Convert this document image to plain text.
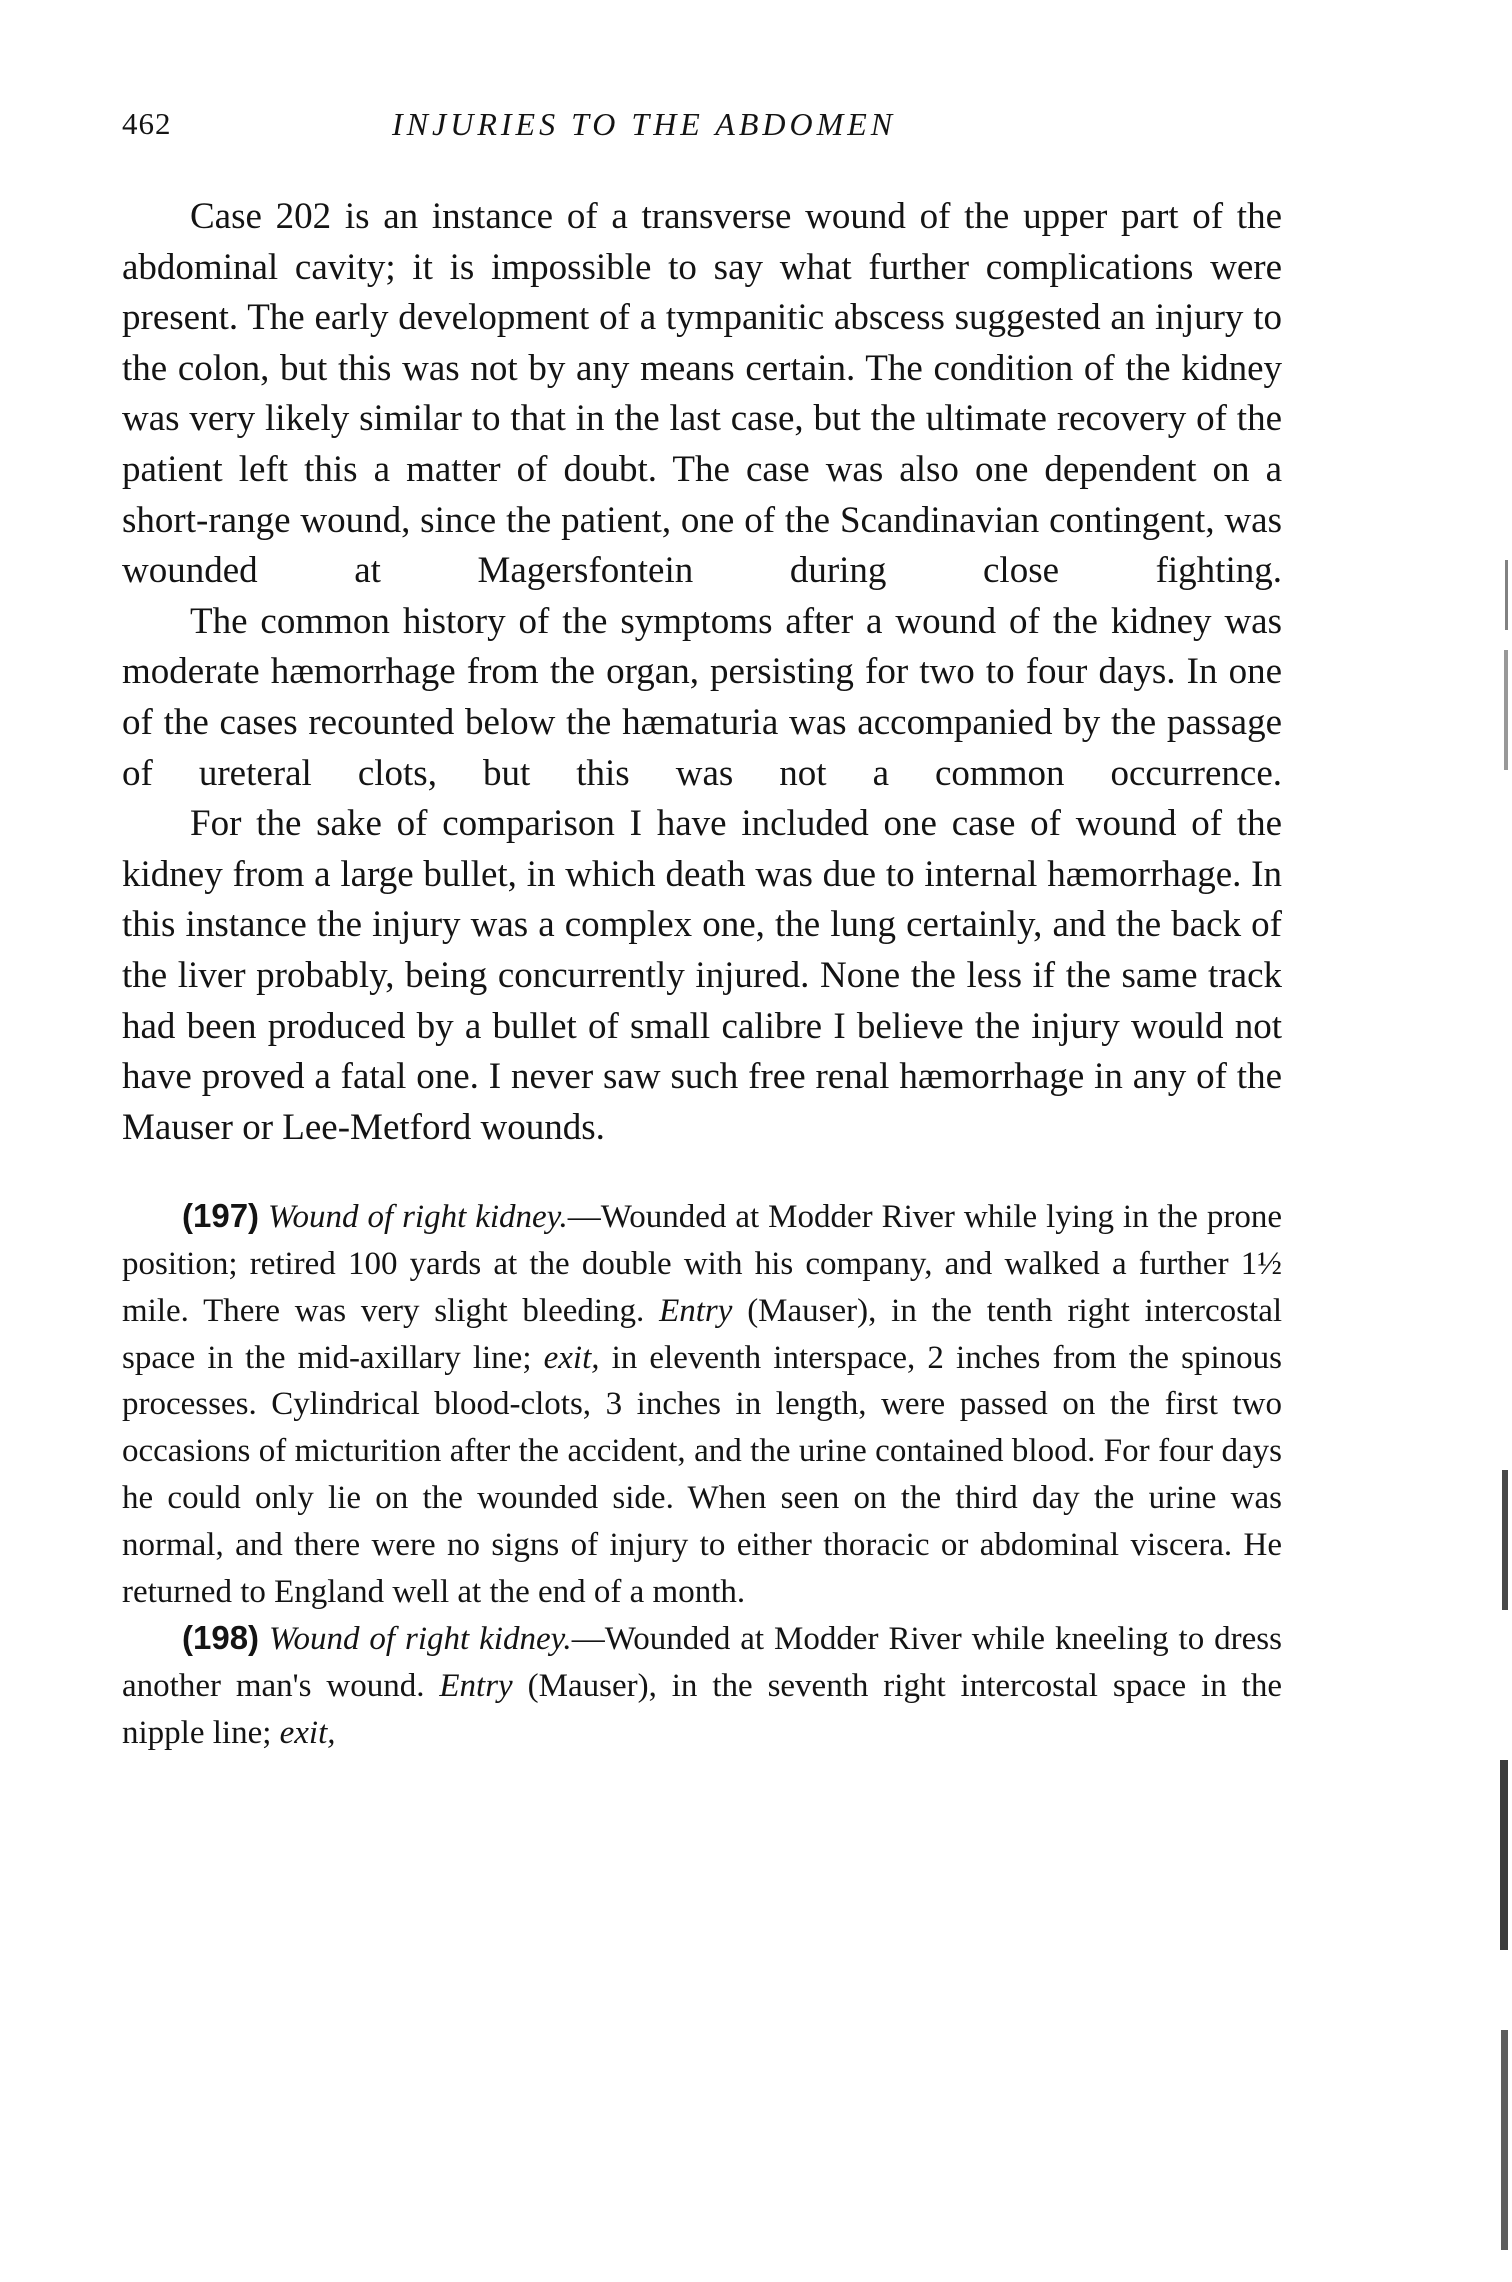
462	INJURIES TO THE ABDOMEN

Case 202 is an instance of a transverse wound of the upper part of the abdominal cavity; it is impossible to say what further complications were present. The early development of a tympanitic abscess suggested an injury to the colon, but this was not by any means certain. The condition of the kidney was very likely similar to that in the last case, but the ultimate recovery of the patient left this a matter of doubt. The case was also one dependent on a short-range wound, since the patient, one of the Scandinavian contingent, was wounded at Magersfontein during close fighting.

The common history of the symptoms after a wound of the kidney was moderate hæmorrhage from the organ, persisting for two to four days. In one of the cases recounted below the hæmaturia was accompanied by the passage of ureteral clots, but this was not a common occurrence.

For the sake of comparison I have included one case of wound of the kidney from a large bullet, in which death was due to internal hæmorrhage. In this instance the injury was a complex one, the lung certainly, and the back of the liver probably, being concurrently injured. None the less if the same track had been produced by a bullet of small calibre I believe the injury would not have proved a fatal one. I never saw such free renal hæmorrhage in any of the Mauser or Lee-Metford wounds.

(197) Wound of right kidney.—Wounded at Modder River while lying in the prone position; retired 100 yards at the double with his company, and walked a further 1½ mile. There was very slight bleeding. Entry (Mauser), in the tenth right intercostal space in the mid-axillary line; exit, in eleventh interspace, 2 inches from the spinous processes. Cylindrical blood-clots, 3 inches in length, were passed on the first two occasions of micturition after the accident, and the urine contained blood. For four days he could only lie on the wounded side. When seen on the third day the urine was normal, and there were no signs of injury to either thoracic or abdominal viscera. He returned to England well at the end of a month.

(198) Wound of right kidney.—Wounded at Modder River while kneeling to dress another man's wound. Entry (Mauser), in the seventh right intercostal space in the nipple line; exit,
